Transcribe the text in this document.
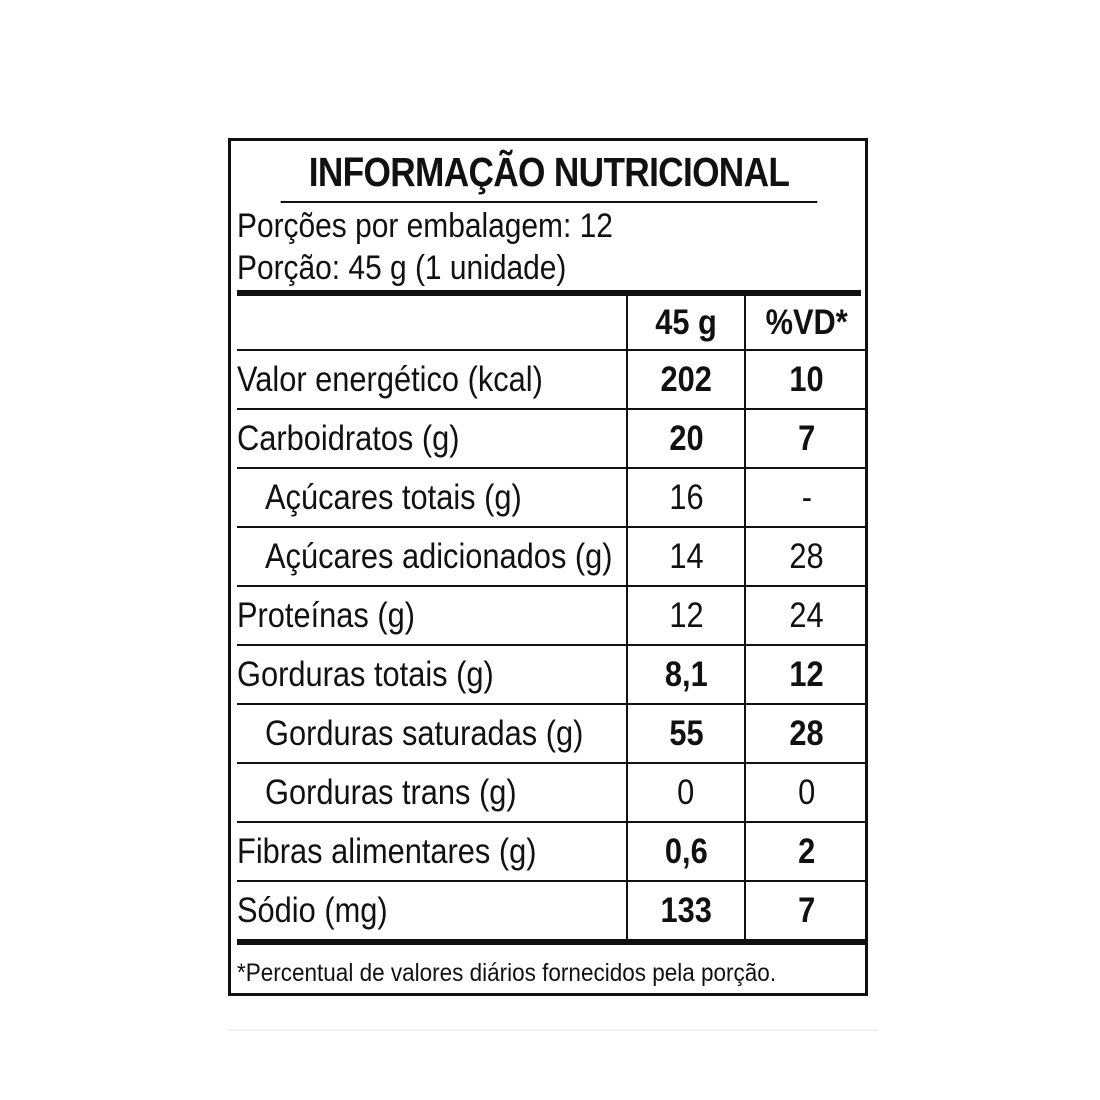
INFORMAÇÃO NUTRICIONAL
Porções por embalagem: 12
Porção: 45 g (1 unidade)
	45 g	%VD*
Valor energético (kcal)	202	10
Carboidratos (g)	20	7
Açúcares totais (g)	16	-
Açúcares adicionados (g)	14	28
Proteínas (g)	12	24
Gorduras totais (g)	8,1	12
Gorduras saturadas (g)	55	28
Gorduras trans (g)	0	0
Fibras alimentares (g)	0,6	2
Sódio (mg)	133	7
*Percentual de valores diários fornecidos pela porção.
